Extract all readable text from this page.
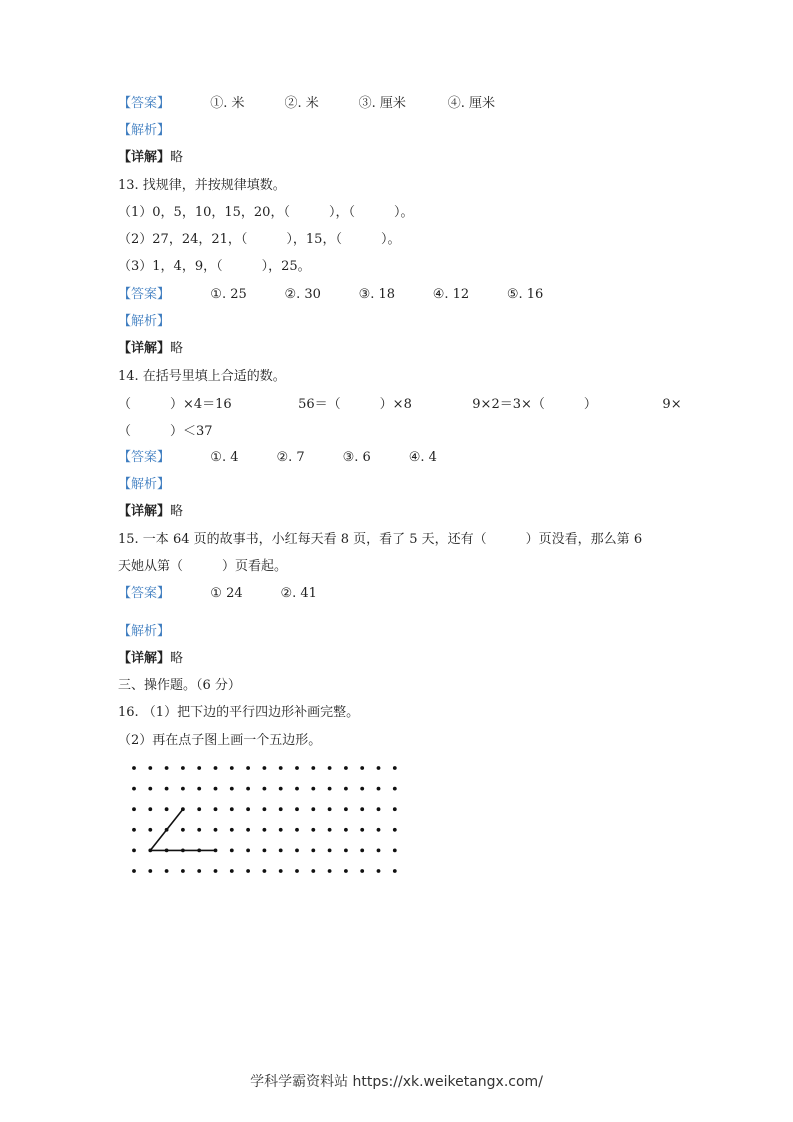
【答案】	①. 米	②. 米	③. 厘米	④. 厘米
【解析】
【详解】略
13. 找规律，并按规律填数。
（1）0，5，10，15，20，（　　　），（　　　）。
（2）27，24，21，（　　　），15，（　　　）。
（3）1，4，9，（　　　），25。
【答案】	①. 25	②. 30	③. 18	④. 12	⑤. 16
【解析】
【详解】略
14. 在括号里填上合适的数。
（　　　）×4＝16	56＝（　　　）×8	9×2＝3×（　　　）	9×
（　　　）＜37
【答案】	①. 4	②. 7	③. 6	④. 4
【解析】
【详解】略
15. 一本 64 页的故事书，小红每天看 8 页，看了 5 天，还有（　　　）页没看，那么第 6
天她从第（　　　）页看起。
【答案】	① 24	②. 41
【解析】
【详解】略
三、操作题。（6 分）
16. （1）把下边的平行四边形补画完整。
（2）再在点子图上画一个五边形。
学科学霸资料站 https://xk.weiketangx.com/
